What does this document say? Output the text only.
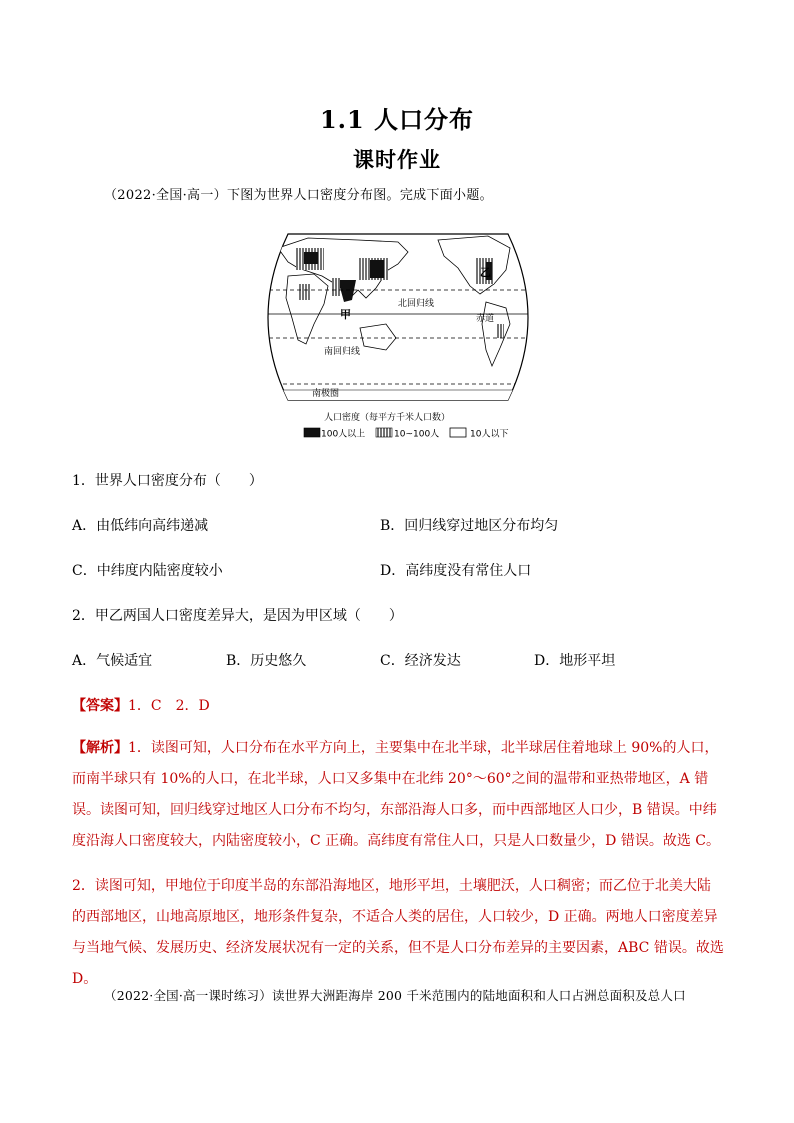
1.1 人口分布
课时作业
（2022·全国·高一）下图为世界人口密度分布图。完成下面小题。
北回归线
赤道
南回归线
南极圈
甲
乙
人口密度（每平方千米人口数）
100人以上	10~100人	10人以下
1．世界人口密度分布（　　）
A．由低纬向高纬递减	B．回归线穿过地区分布均匀
C．中纬度内陆密度较小	D．高纬度没有常住人口
2．甲乙两国人口密度差异大，是因为甲区域（　　）
A．气候适宜	B．历史悠久	C．经济发达	D．地形平坦
【答案】1．C　2．D
【解析】1．读图可知，人口分布在水平方向上，主要集中在北半球，北半球居住着地球上 90%的人口，而南半球只有 10%的人口，在北半球，人口又多集中在北纬 20°～60°之间的温带和亚热带地区，A 错误。读图可知，回归线穿过地区人口分布不均匀，东部沿海人口多，而中西部地区人口少，B 错误。中纬度沿海人口密度较大，内陆密度较小，C 正确。高纬度有常住人口，只是人口数量少，D 错误。故选 C。
2．读图可知，甲地位于印度半岛的东部沿海地区，地形平坦，土壤肥沃，人口稠密；而乙位于北美大陆的西部地区，山地高原地区，地形条件复杂，不适合人类的居住，人口较少，D 正确。两地人口密度差异与当地气候、发展历史、经济发展状况有一定的关系，但不是人口分布差异的主要因素，ABC 错误。故选 D。
（2022·全国·高一课时练习）读世界大洲距海岸 200 千米范围内的陆地面积和人口占洲总面积及总人口
